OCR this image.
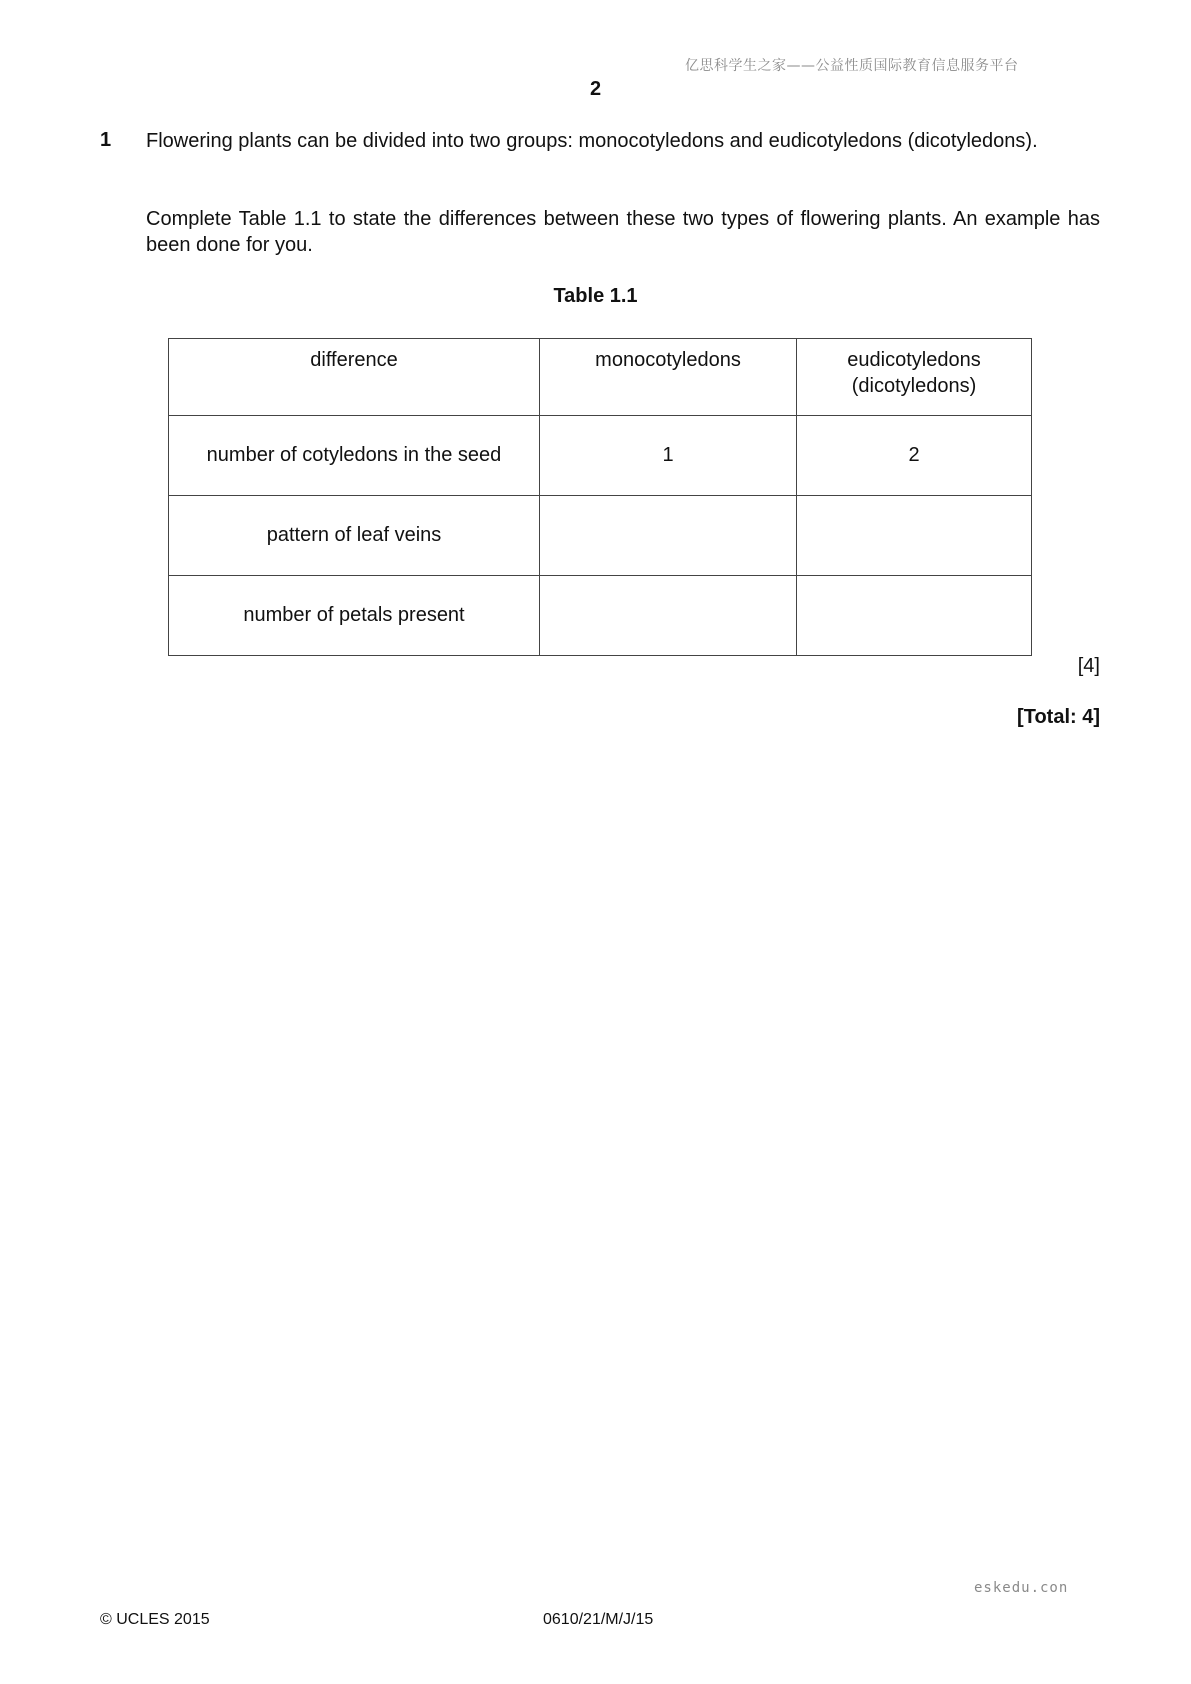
亿思科学生之家——公益性质国际教育信息服务平台
2
1 Flowering plants can be divided into two groups: monocotyledons and eudicotyledons (dicotyledons).
Complete Table 1.1 to state the differences between these two types of flowering plants. An example has been done for you.
Table 1.1
difference	monocotyledons	eudicotyledons
(dicotyledons)

number of cotyledons in the seed	1	2
pattern of leaf veins		
number of petals present		
[4]
[Total: 4]
eskedu.con
© UCLES 2015	0610/21/M/J/15
